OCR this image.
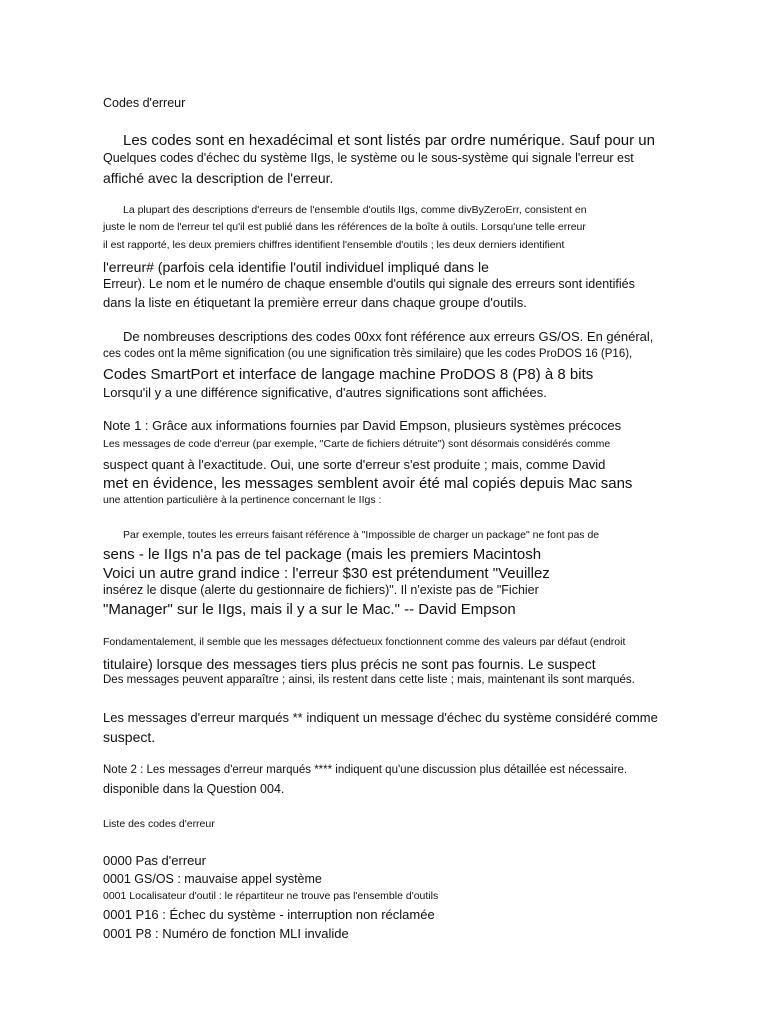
Codes d'erreur
Les codes sont en hexadécimal et sont listés par ordre numérique. Sauf pour un
Quelques codes d'échec du système IIgs, le système ou le sous-système qui signale l'erreur est
affiché avec la description de l'erreur.
La plupart des descriptions d'erreurs de l'ensemble d'outils IIgs, comme divByZeroErr, consistent en
juste le nom de l'erreur tel qu'il est publié dans les références de la boîte à outils. Lorsqu'une telle erreur
il est rapporté, les deux premiers chiffres identifient l'ensemble d'outils ; les deux derniers identifient
l'erreur# (parfois cela identifie l'outil individuel impliqué dans le
Erreur). Le nom et le numéro de chaque ensemble d'outils qui signale des erreurs sont identifiés
dans la liste en étiquetant la première erreur dans chaque groupe d'outils.
De nombreuses descriptions des codes 00xx font référence aux erreurs GS/OS. En général,
ces codes ont la même signification (ou une signification très similaire) que les codes ProDOS 16 (P16),
Codes SmartPort et interface de langage machine ProDOS 8 (P8) à 8 bits
Lorsqu'il y a une différence significative, d'autres significations sont affichées.
Note 1 : Grâce aux informations fournies par David Empson, plusieurs systèmes précoces
Les messages de code d'erreur (par exemple, "Carte de fichiers détruite") sont désormais considérés comme
suspect quant à l'exactitude. Oui, une sorte d'erreur s'est produite ; mais, comme David
met en évidence, les messages semblent avoir été mal copiés depuis Mac sans
une attention particulière à la pertinence concernant le IIgs :
Par exemple, toutes les erreurs faisant référence à "Impossible de charger un package" ne font pas de
sens - le IIgs n'a pas de tel package (mais les premiers Macintosh
Voici un autre grand indice : l'erreur $30 est prétendument "Veuillez
insérez le disque (alerte du gestionnaire de fichiers)". Il n'existe pas de "Fichier
"Manager" sur le IIgs, mais il y a sur le Mac." -- David Empson
Fondamentalement, il semble que les messages défectueux fonctionnent comme des valeurs par défaut (endroit
titulaire) lorsque des messages tiers plus précis ne sont pas fournis. Le suspect
Des messages peuvent apparaître ; ainsi, ils restent dans cette liste ; mais, maintenant ils sont marqués.
Les messages d'erreur marqués ** indiquent un message d'échec du système considéré comme
suspect.
Note 2 : Les messages d'erreur marqués **** indiquent qu'une discussion plus détaillée est nécessaire.
disponible dans la Question 004.
Liste des codes d'erreur
0000 Pas d'erreur
0001 GS/OS : mauvaise appel système
0001 Localisateur d'outil : le répartiteur ne trouve pas l'ensemble d'outils
0001 P16 : Échec du système - interruption non réclamée
0001 P8 : Numéro de fonction MLI invalide
